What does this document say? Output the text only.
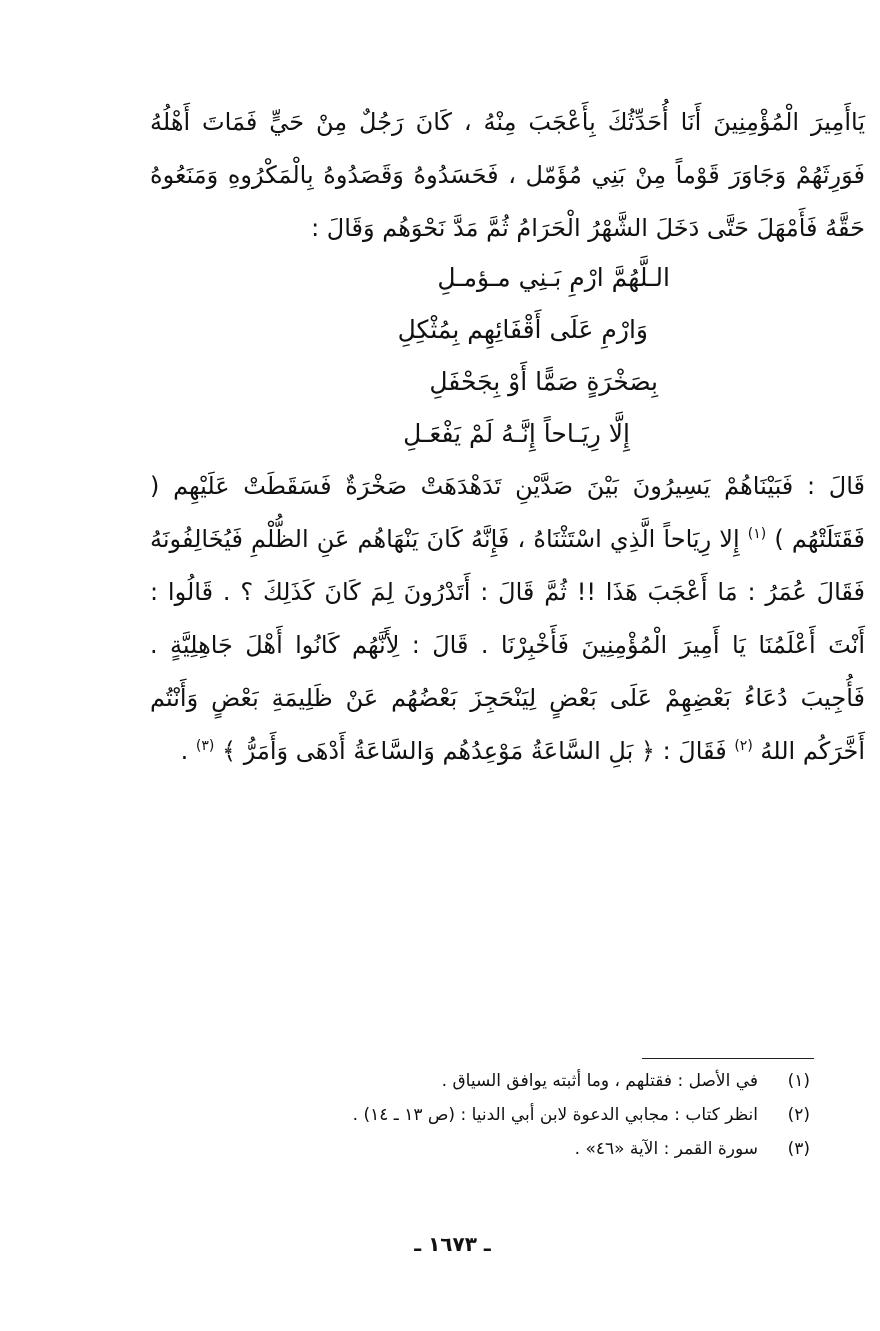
يَاأَمِيرَ الْمُؤْمِنِينَ أَنَا أُحَدِّثُكَ بِأَعْجَبَ مِنْهُ ، كَانَ رَجُلٌ مِنْ حَيٍّ فَمَاتَ أَهْلُهُ فَوَرِثَهُمْ وَجَاوَرَ قَوْماً مِنْ بَنِي مُؤَمّل ، فَحَسَدُوهُ وَقَصَدُوهُ بِالْمَكْرُوهِ وَمَنَعُوهُ حَقَّهُ فَأَمْهَلَ حَتَّى دَخَلَ الشَّهْرُ الْحَرَامُ ثُمَّ مَدَّ نَحْوَهُم وَقَالَ :

الـلَّهُمَّ ارْمِ بَـنِي مـؤمـلِ
وَارْمِ عَلَى أَقْفَائِهِم بِمُثْكِلِ
بِصَخْرَةٍ صَمًّا أَوْ بِجَحْفَلِ
إِلَّا رِيَـاحاً إِنَّـهُ لَمْ يَفْعَـلِ

قَالَ : فَبَيْنَاهُمْ يَسِيرُونَ بَيْنَ صَدَّيْنِ تَدَهْدَهَتْ صَخْرَةٌ فَسَقَطَتْ عَلَيْهِم ( فَقَتَلَتْهُم ) $^{(١)}$ إِلا رِيَاحاً الَّذِي اسْتَثْنَاهُ ، فَإِنَّهُ كَانَ يَنْهَاهُم عَنِ الظُّلْمِ فَيُخَالِفُونَهُ فَقَالَ عُمَرُ : مَا أَعْجَبَ هَذَا !! ثُمَّ قَالَ : أَتَدْرُونَ لِمَ كَانَ كَذَلِكَ ؟ . قَالُوا : أَنْتَ أَعْلَمُنَا يَا أَمِيرَ الْمُؤْمِنِينَ فَأَخْبِرْنَا . قَالَ : لِأَنَّهُم كَانُوا أَهْلَ جَاهِلِيَّةٍ . فَأُجِيبَ دُعَاءُ بَعْضِهِمْ عَلَى بَعْضٍ لِيَنْحَجِزَ بَعْضُهُم عَنْ ظَلِيمَةِ بَعْضٍ وَأَنْتُم أَخَّرَكُم اللهُ $^{(٢)}$ فَقَالَ : ﴿ بَلِ السَّاعَةُ مَوْعِدُهُم وَالسَّاعَةُ أَدْهَى وَأَمَرُّ ﴾ $^{(٣)}$ .

(١)
في الأصل : فقتلهم ، وما أثبته يوافق السياق .
(٢)
انظر كتاب : مجابي الدعوة لابن أبي الدنيا : (ص ١٣ ـ ١٤) .
(٣)
سورة القمر : الآية «٤٦» .
ـ ١٦٧٣ ـ
